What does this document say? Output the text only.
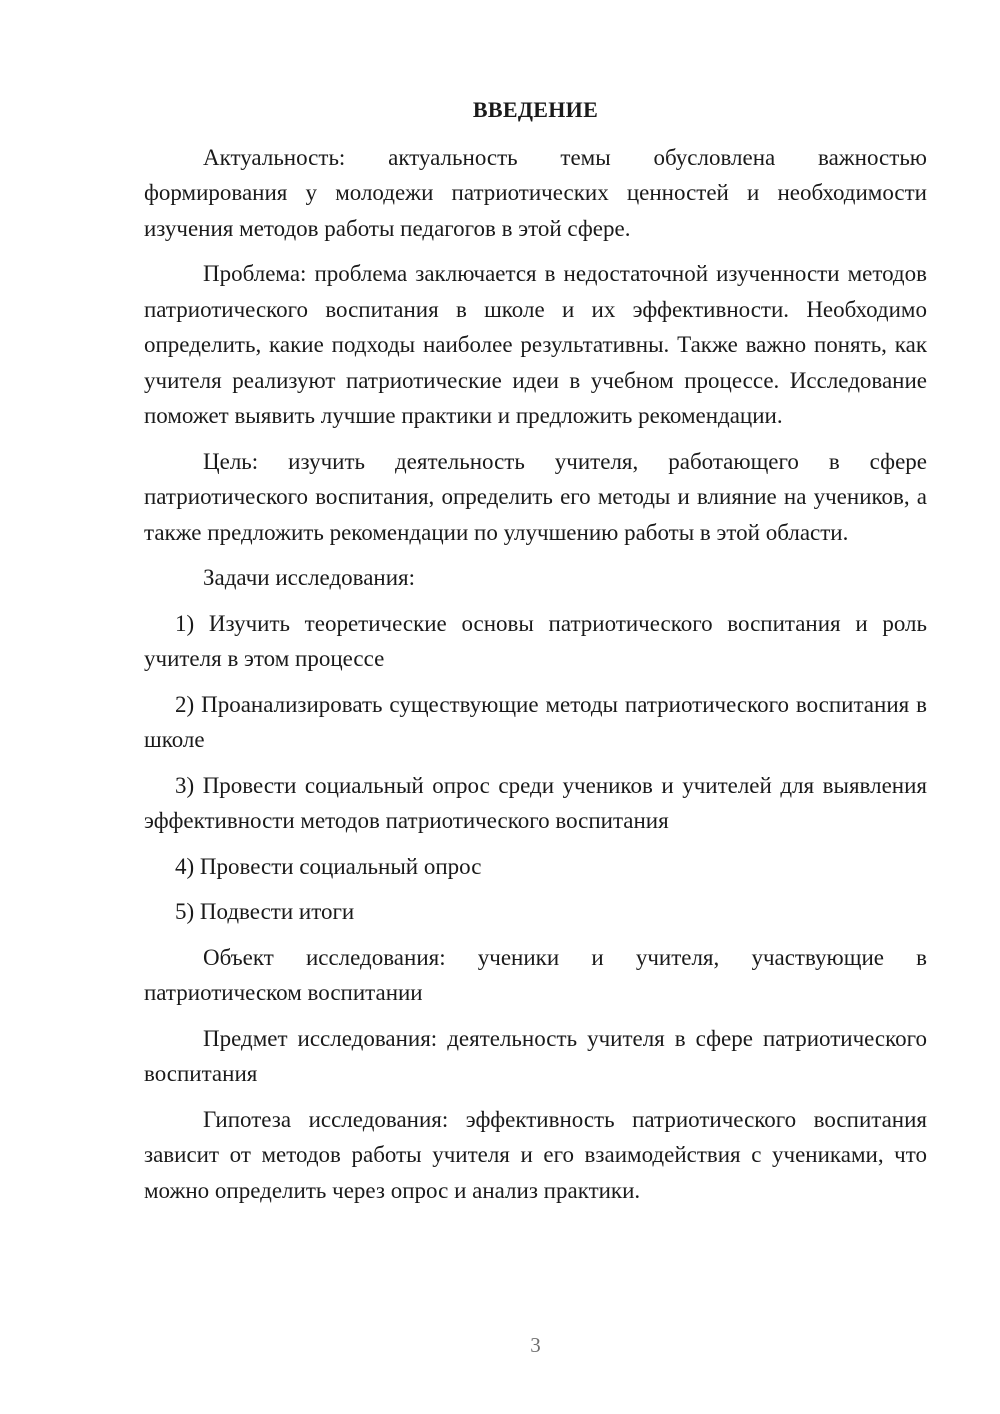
ВВЕДЕНИЕ

Актуальность: актуальность темы обусловлена важностью формирования у молодежи патриотических ценностей и необходимости изучения методов работы педагогов в этой сфере.

Проблема: проблема заключается в недостаточной изученности методов патриотического воспитания в школе и их эффективности. Необходимо определить, какие подходы наиболее результативны. Также важно понять, как учителя реализуют патриотические идеи в учебном процессе. Исследование поможет выявить лучшие практики и предложить рекомендации.

Цель: изучить деятельность учителя, работающего в сфере патриотического воспитания, определить его методы и влияние на учеников, а также предложить рекомендации по улучшению работы в этой области.

Задачи исследования:

1) Изучить теоретические основы патриотического воспитания и роль учителя в этом процессе

2) Проанализировать существующие методы патриотического воспитания в школе

3) Провести социальный опрос среди учеников и учителей для выявления эффективности методов патриотического воспитания

4) Провести социальный опрос

5) Подвести итоги

Объект исследования: ученики и учителя, участвующие в патриотическом воспитании

Предмет исследования: деятельность учителя в сфере патриотического воспитания

Гипотеза исследования: эффективность патриотического воспитания зависит от методов работы учителя и его взаимодействия с учениками, что можно определить через опрос и анализ практики.

3
